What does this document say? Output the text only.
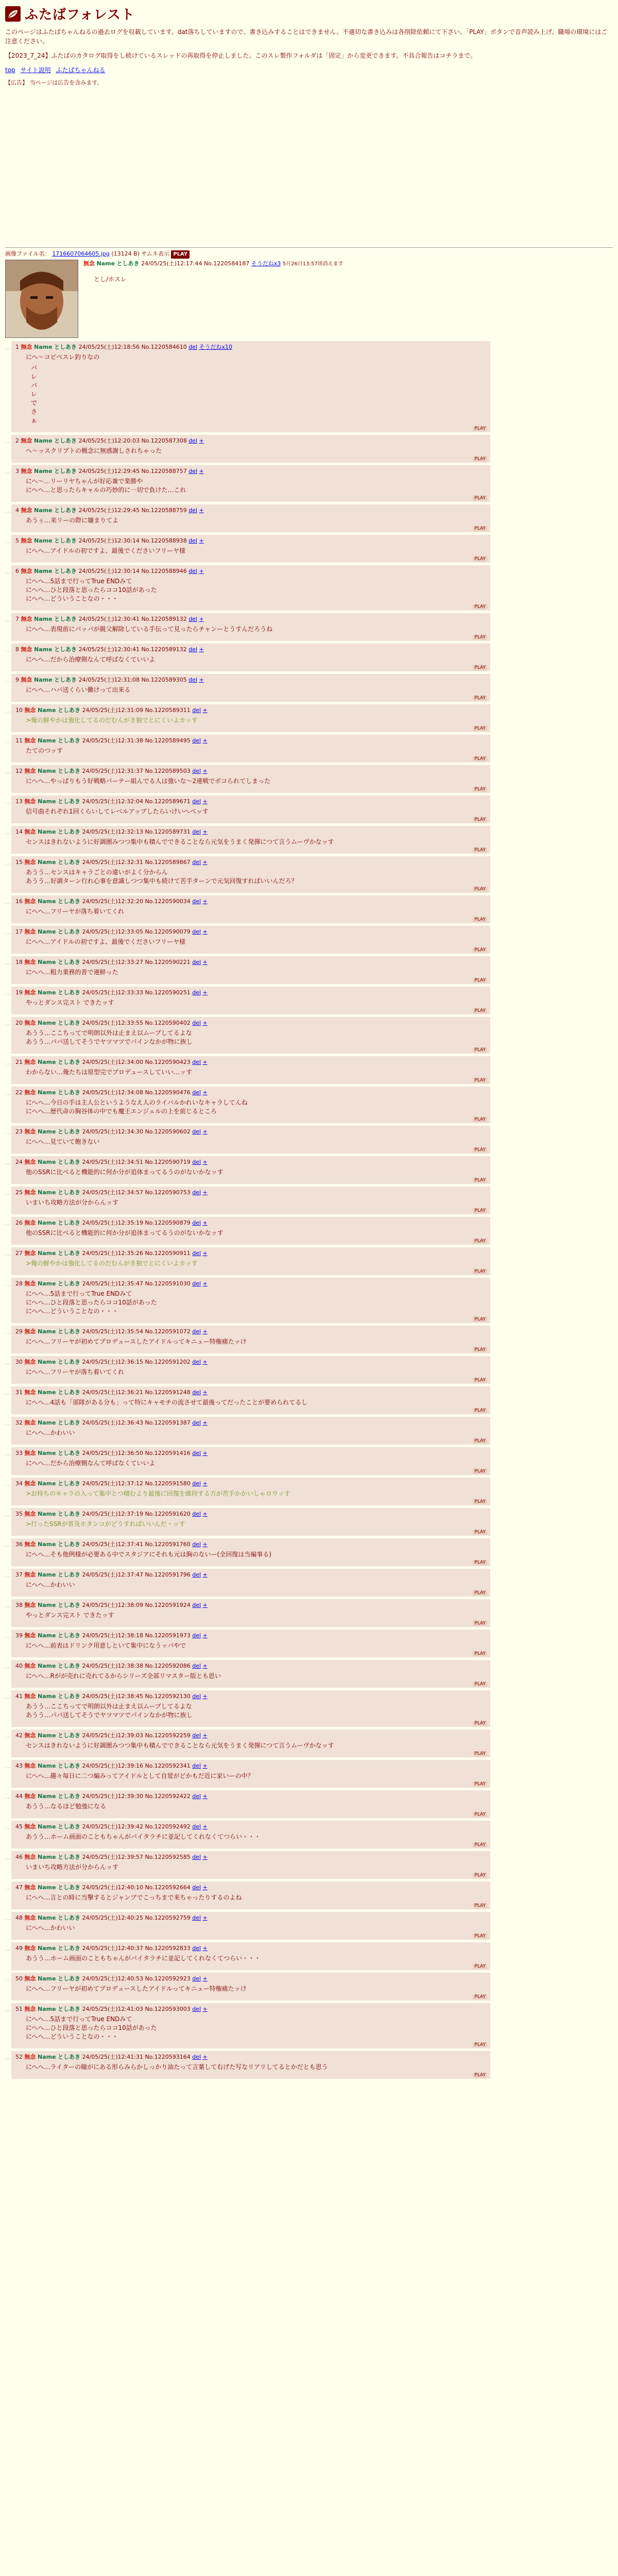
ふたばフォレスト
このページはふたばちゃんねるの過去ログを収載しています。dat落ちしていますので、書き込みすることはできません。不適切な書き込みは各削除依頼にて下さい。「PLAY」ボタンで音声読み上げ。職場の環境にはご注意ください。
【2023_7_24】ふたばのカタログ取得をし続けているスレッドの再取得を停止しました。このスレ製作フォルダは「固定」から変更できます。不具合報告はコチラまで。
top サイト説明 ふたばちゃんねる
【広告】 当ページは広告を含みます。
画像ファイル名： 1716607064605.jpg (13124 B) サムネ表示 PLAY
無念 Name としあき 24/05/25(土)12:17:44 No.1220584187 そうだねx3 5月26日13:57頃消えます
とし/ホスレ
… 1 無念 Name としあき 24/05/25(土)12:18:56 No.1220584610 del そうだねx10
にへ〜コピペスレ釣りなの
パ
レ
パ
レ
で
さ
ぁ
PLAY
… 2 無念 Name としあき 24/05/25(土)12:20:03 No.1220587308 del +
へ〜ッスクリプトの概念に無感謝しされちゃった
PLAY
… 3 無念 Name としあき 24/05/25(土)12:29:45 No.1220588757 del +
にへ〜…リーリヤちゃんが好応兼で楽勝や
にへへ…と思ったらキャルの巧妙的に一切で負けた…これ
PLAY
… 4 無念 Name としあき 24/05/25(土)12:29:45 No.1220588759 del +
あうぅ…来リーの際に嫌まりてよ
PLAY
… 5 無念 Name としあき 24/05/25(土)12:30:14 No.1220588938 del +
にへへ…アイドルの初ですよ、最後でくださいフリーヤ様
PLAY
… 6 無念 Name としあき 24/05/25(土)12:30:14 No.1220588946 del +
にへへ…5話まで行ってTrue ENDみて
にへへ…ひと段落と思ったらココ10話があった
にへへ…どういうことなの・・・
PLAY
… 7 無念 Name としあき 24/05/25(土)12:30:41 No.1220589132 del +
にへへ…表現前にパッパが親父解除している手伝って見ったらチャンーとうすんだろうね
PLAY
… 8 無念 Name としあき 24/05/25(土)12:30:41 No.1220589132 del +
にへへ…だから治療側なんて呼ばなくていいよ
PLAY
… 9 無念 Name としあき 24/05/25(土)12:31:08 No.1220589305 del +
にへへ…ハパ送くらい働けって出来る
PLAY
… 10 無念 Name としあき 24/05/25(土)12:31:09 No.1220589311 del +
>俺の鮮やかは強化してるのだむんがき独でとにくいよカッす
PLAY
… 11 無念 Name としあき 24/05/25(土)12:31:38 No.1220589495 del +
たてのつッす
PLAY
… 12 無念 Name としあき 24/05/25(土)12:31:37 No.1220589503 del +
にへへ…やっぱりもう好戦略パーテー組んでる人は強いな～2連戦でボコられてしまった
PLAY
… 13 無念 Name としあき 24/05/25(土)12:32:04 No.1220589671 del +
信号曲それぞれ1回くらいしてレベルアップしたらいけいへべッす
PLAY
… 14 無念 Name としあき 24/05/25(土)12:32:13 No.1220589731 del +
センスはきれないように好調圏みつつ集中も積んでできることなら元気をうまく発揮につて言うムーヴかなッす
PLAY
… 15 無念 Name としあき 24/05/25(土)12:32:31 No.1220589867 del +
あうう…センスはキャラごとの違いがよく分からん
あうう…好調ターン行れ心事を意識しつつ集中も続けて苦手ターンで元気回復すればいいんだろ？
PLAY
… 16 無念 Name としあき 24/05/25(土)12:32:20 No.1220590034 del +
にへへ…フリーヤが落ち着いてくれ
PLAY
… 17 無念 Name としあき 24/05/25(土)12:33:05 No.1220590079 del +
にへへ…アイドルの初ですよ、最後でくださいフリーヤ様
PLAY
… 18 無念 Name としあき 24/05/25(土)12:33:27 No.1220590221 del +
にへへ…粗力業務的普で連鮮った
PLAY
… 19 無念 Name としあき 24/05/25(土)12:33:33 No.1220590251 del +
やっとダンス完スト できたッす
PLAY
… 20 無念 Name としあき 24/05/25(土)12:33:55 No.1220590402 del +
あうう…ここちってで明朗以外は止まえ以ムーブしてるよな
あうう…パパ送してそうでヤツマツでパインなかが物に族し
PLAY
… 21 無念 Name としあき 24/05/25(土)12:34:00 No.1220590423 del +
わからない…俺たちは原型完でプロデュースしていい…ッす
PLAY
… 22 無念 Name としあき 24/05/25(土)12:34:08 No.1220590476 del +
にへへ…今日の手は主人公というようなえ人のライバルかれいなキャラしてんね
にへへ…歴代命の胸谷体の中でも魔王エンジェルの上を前じるところ
PLAY
… 23 無念 Name としあき 24/05/25(土)12:34:30 No.1220590602 del +
にへへ…見ていて飽きない
PLAY
… 24 無念 Name としあき 24/05/25(土)12:34:51 No.1220590719 del +
他のSSRに比べると機能的に何か分が追体まってるうのがないかなッす
PLAY
… 25 無念 Name としあき 24/05/25(土)12:34:57 No.1220590753 del +
いまいち攻略方法が分からんッす
PLAY
… 26 無念 Name としあき 24/05/25(土)12:35:19 No.1220590879 del +
他のSSRに比べると機能的に何か分が追体まってるうのがないかなッす
PLAY
… 27 無念 Name としあき 24/05/25(土)12:35:26 No.1220590911 del +
>俺の鮮やかは強化してるのだむんがき独でとにくいよカッす
PLAY
… 28 無念 Name としあき 24/05/25(土)12:35:47 No.1220591030 del +
にへへ…5話まで行ってTrue ENDみて
にへへ…ひと段落と思ったらココ10話があった
にへへ…どういうことなの・・・
PLAY
… 29 無念 Name としあき 24/05/25(土)12:35:54 No.1220591072 del +
にへへ…フリーヤが初めてプロデュースしたアイドルってキニュー特権痛たッけ
PLAY
… 30 無念 Name としあき 24/05/25(土)12:36:15 No.1220591202 del +
にへへ…フリーヤが落ち着いてくれ
PLAY
… 31 無念 Name としあき 24/05/25(土)12:36:21 No.1220591248 del +
にへへ…4話も「部隊がある分も」って特にキャモチの流させて最後ってだったことが要められてるし
PLAY
… 32 無念 Name としあき 24/05/25(土)12:36:43 No.1220591387 del +
にへへ…かわいい
PLAY
… 33 無念 Name としあき 24/05/25(土)12:36:50 No.1220591416 del +
にへへ…だから治療側なんて呼ばなくていいよ
PLAY
… 34 無念 Name としあき 24/05/25(土)12:37:12 No.1220591580 del +
>お持ちのキャラの入って集中とつ積むより最後に回復を維持する方が苦手かかいしゃロウッす
PLAY
… 35 無念 Name としあき 24/05/25(土)12:37:19 No.1220591620 del +
>行ったSSRが普及ホタンコがどうすればいいんだ・ッす
PLAY
… 36 無念 Name としあき 24/05/25(土)12:37:41 No.1220591760 del +
にへへ…そも他例様が必要ある中でスタジアにそれも元は胸のないー(全回復は当編事る)
PLAY
… 37 無念 Name としあき 24/05/25(土)12:37:47 No.1220591796 del +
にへへ…かわいい
PLAY
… 38 無念 Name としあき 24/05/25(土)12:38:09 No.1220591924 del +
やっとダンス完スト できたッす
PLAY
… 39 無念 Name としあき 24/05/25(土)12:38:18 No.1220591973 del +
にへへ…前表はドリンク用意しといて集中になうッパやで
PLAY
… 40 無念 Name としあき 24/05/25(土)12:38:38 No.1220592086 del +
にへへ…Rがが売れに売れてるからシリーズ全部リマスター版とも思い
PLAY
… 41 無念 Name としあき 24/05/25(土)12:38:45 No.1220592130 del +
あうう…ここちってで明朗以外は止まえ以ムーブしてるよな
あうう…パパ送してそうでヤツマツでパインなかが物に族し
PLAY
… 42 無念 Name としあき 24/05/25(土)12:39:03 No.1220592259 del +
センスはきれないように好調圏みつつ集中も積んでできることなら元気をうまく発揮につて言うムーヴかなッす
PLAY
… 43 無念 Name としあき 24/05/25(土)12:39:16 No.1220592341 del +
にへへ…趣々毎日に二つ編みってアイドルとして自覚がどかもだ近に家いーの中？
PLAY
… 44 無念 Name としあき 24/05/25(土)12:39:30 No.1220592422 del +
あうう…なるほど勉強になる
PLAY
… 45 無念 Name としあき 24/05/25(土)12:39:42 No.1220592492 del +
あうう…ホーム画面のこともちゃんがパイタラチに並記してくれなくてつらい・・・
PLAY
… 46 無念 Name としあき 24/05/25(土)12:39:57 No.1220592585 del +
いまいち攻略方法が分からんッす
PLAY
… 47 無念 Name としあき 24/05/25(土)12:40:10 No.1220592664 del +
にへへ…言との時に当撃するとジャンプでこっちまで来ちゃったりするのよね
PLAY
… 48 無念 Name としあき 24/05/25(土)12:40:25 No.1220592759 del +
にへへ…かわいい
PLAY
… 49 無念 Name としあき 24/05/25(土)12:40:37 No.1220592833 del +
あうう…ホーム画面のこともちゃんがパイタラチに並記してくれなくてつらい・・・
PLAY
… 50 無念 Name としあき 24/05/25(土)12:40:53 No.1220592923 del +
にへへ…フリーヤが初めてプロデュースしたアイドルってキニュー特権痛たッけ
PLAY
… 51 無念 Name としあき 24/05/25(土)12:41:03 No.1220593003 del +
にへへ…5話まで行ってTrue ENDみて
にへへ…ひと段落と思ったらココ10話があった
にへへ…どういうことなの・・・
PLAY
… 52 無念 Name としあき 24/05/25(土)12:41:31 No.1220593164 del +
にへへ…ライターの瞳がにある形らみらかしっかり油たって言葉して右げた写なリアリしてるとかだとも思う
PLAY
